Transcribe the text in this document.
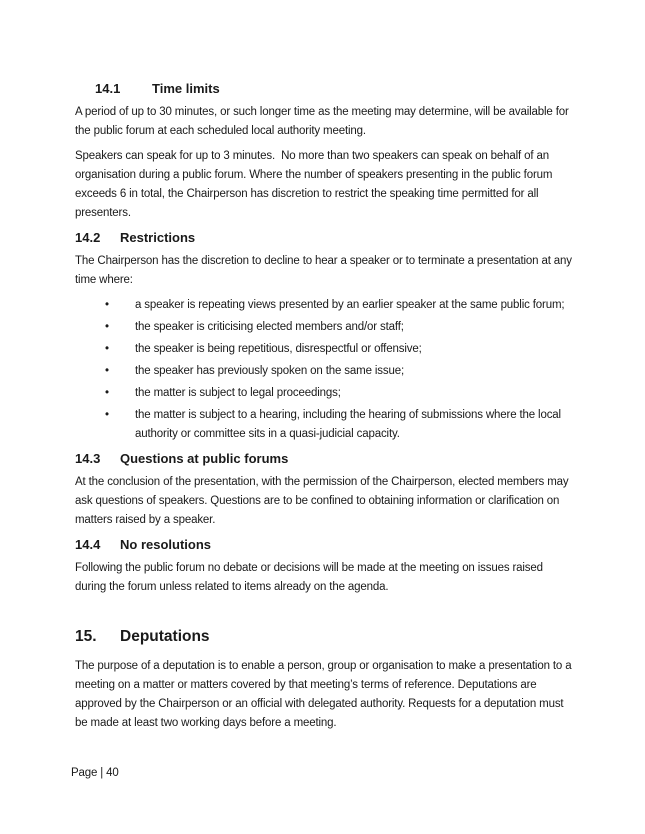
14.1	Time limits

A period of up to 30 minutes, or such longer time as the meeting may determine, will be available for the public forum at each scheduled local authority meeting.

Speakers can speak for up to 3 minutes.  No more than two speakers can speak on behalf of an organisation during a public forum. Where the number of speakers presenting in the public forum exceeds 6 in total, the Chairperson has discretion to restrict the speaking time permitted for all presenters.

14.2	Restrictions

The Chairperson has the discretion to decline to hear a speaker or to terminate a presentation at any time where:

• a speaker is repeating views presented by an earlier speaker at the same public forum;
• the speaker is criticising elected members and/or staff;
• the speaker is being repetitious, disrespectful or offensive;
• the speaker has previously spoken on the same issue;
• the matter is subject to legal proceedings;
• the matter is subject to a hearing, including the hearing of submissions where the local authority or committee sits in a quasi-judicial capacity.
14.3	Questions at public forums

At the conclusion of the presentation, with the permission of the Chairperson, elected members may ask questions of speakers. Questions are to be confined to obtaining information or clarification on matters raised by a speaker.

14.4	No resolutions

Following the public forum no debate or decisions will be made at the meeting on issues raised during the forum unless related to items already on the agenda.

15.	Deputations

The purpose of a deputation is to enable a person, group or organisation to make a presentation to a meeting on a matter or matters covered by that meeting’s terms of reference. Deputations are approved by the Chairperson or an official with delegated authority. Requests for a deputation must be made at least two working days before a meeting.

Page | 40
